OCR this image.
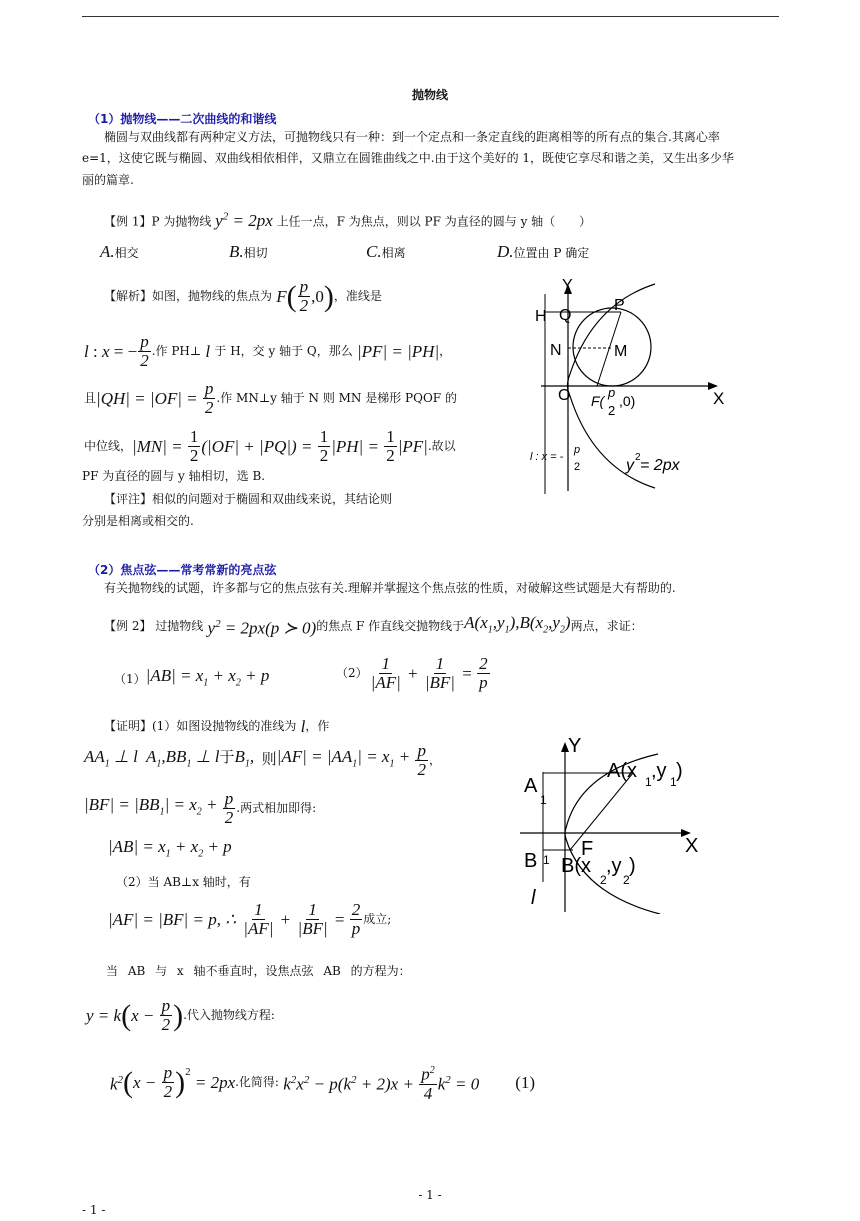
抛物线
（1）抛物线——二次曲线的和谐线
椭圆与双曲线都有两种定义方法，可抛物线只有一种：到一个定点和一条定直线的距离相等的所有点的集合.其离心率
e=1，这使它既与椭圆、双曲线相依相伴，又鼎立在圆锥曲线之中.由于这个美好的 1，既使它享尽和谐之美，又生出多少华
丽的篇章.
【例 1】P 为抛物线 $y^2 = 2px$ 上任一点，F 为焦点，则以 PF 为直径的圆与 y 轴（　　）
A.相交	B.相切	C.相离	D.位置由 P 确定
【解析】如图，抛物线的焦点为 F ( $\frac{p}{2} ,0$ ) ，准线是
l : x = − $\frac{p}{2}$ .作 PH⊥ l 于 H，交 y 轴于 Q，那么 |PF| = |PH| ，
且 $|QH| = |OF| = \frac{p}{2}$ .作 MN⊥y 轴于 N 则 MN 是梯形 PQOF 的
中位线， $|MN| = \frac{1}{2} (|OF| + |PQ|) = \frac{1}{2} |PH| = \frac{1}{2} |PF|$ .故以
PF 为直径的圆与 y 轴相切，选 B.
【评注】相似的问题对于椭圆和双曲线来说，其结论则
分别是相离或相交的.
Y
X
H Q
P
N	M
O F(
p
2
,0)
l : x = -
p
2	y 2 = 2px
（2）焦点弦——常考常新的亮点弦
有关抛物线的试题，许多都与它的焦点弦有关.理解并掌握这个焦点弦的性质，对破解这些试题是大有帮助的.
【例 2】 过抛物线 $y^2 = 2px(p$ ≻ 0) 的焦点 F 作直线交抛物线于 $A(x_1,y_1),B(x_2,y_2)$ 两点，求证：
（1） $|AB| = x_1 + x_2 + p$	$(2) \frac{1}{|AF|} + \frac{1}{|BF|} = \frac{2}{p}$
【证明】(1）如图设抛物线的准线为 l ，作
$AA_1$ ⊥ l  $A_1,BB_1$ ⊥ l于$B_1$,
则 $|AF| = |AA_1| = x_1 + \frac{p}{2}$ ，
$|BF| = |BB_1| = x_2 + \frac{p}{2}$ .两式相加即得:
$|AB| = x_1 + x_2 + p$
（2）当 AB⊥x 轴时，有
|AF| = |BF| = p, ∴ $\frac{1}{|AF|} + \frac{1}{|BF|} = \frac{2}{p}$ 成立;
当 AB 与 x 轴不垂直时，设焦点弦 AB 的方程为：
y = k ( $x - \frac{p}{2}$ ) .代入抛物线方程:
$k^2$ ( $x - \frac{p}{2}$ ) 2
= 2px .化简得: $k^2x^2 - p(k^2 + 2)x + \frac{p^2}{4} k^2 = 0$ (1)
Y
X
A
1
B 1 F
l
A(x 1 ,y 1 )
B(x
2
,y
2
)
- 1 -
- 1 -
